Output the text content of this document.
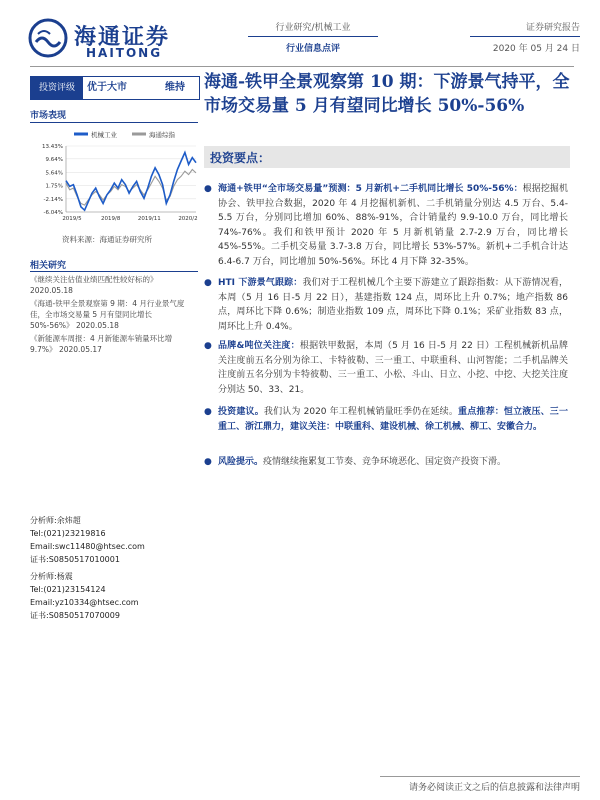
海通证券
HAITONG
行业研究/机械工业
行业信息点评
证券研究报告
2020 年 05 月 24 日
投资评级	优于大市	维持
市场表现
机械工业	海通综指
13.43%
9.64%
5.64%
1.75%
-2.14%
-6.04%
2019/5	2019/8	2019/11	2020/2
资料来源：海通证券研究所
相关研究
《继续关注估值业绩匹配性较好标的》
2020.05.18
《海通-铁甲全景观察第 9 期：4 月行业景气度佳，全市场交易量 5 月有望同比增长 50%-56%》 2020.05.18
《新能源车周报：4 月新能源车销量环比增 9.7%》 2020.05.17
分析师:余炜超
Tel:(021)23219816
Email:swc11480@htsec.com
证书:S0850517010001
分析师:杨震
Tel:(021)23154124
Email:yz10334@htsec.com
证书:S0850517070009
海通-铁甲全景观察第 10 期：下游景气持平，全市场交易量 5 月有望同比增长 50%-56%
投资要点：
● 海通+铁甲“全市场交易量”预测：5 月新机+二手机同比增长 50%-56%：根据挖掘机协会、铁甲拉合数据，2020 年 4 月挖掘机新机、二手机销量分别达 4.5 万台、5.4-5.5 万台，分别同比增加 60%、88%-91%，合计销量约 9.9-10.0 万台，同比增长 74%-76%。我们和铁甲预计 2020 年 5 月新机销量 2.7-2.9 万台，同比增长 45%-55%。二手机交易量 3.7-3.8 万台，同比增长 53%-57%。新机+二手机合计达 6.4-6.7 万台，同比增加 50%-56%。环比 4 月下降 32-35%。
● HTI 下游景气跟踪：我们对于工程机械几个主要下游建立了跟踪指数：从下游情况看，本周（5 月 16 日-5 月 22 日），基建指数 124 点，周环比上升 0.7%；地产指数 86 点，周环比下降 0.6%；制造业指数 109 点，周环比下降 0.1%；采矿业指数 83 点，周环比上升 0.4%。
● 品牌&吨位关注度：根据铁甲数据，本周（5 月 16 日-5 月 22 日）工程机械新机品牌关注度前五名分别为徐工、卡特彼勒、三一重工、中联重科、山河智能；二手机品牌关注度前五名分别为卡特彼勒、三一重工、小松、斗山、日立、小挖、中挖、大挖关注度分别达 50、33、21。
● 投资建议。我们认为 2020 年工程机械销量旺季仍在延续。重点推荐：恒立液压、三一重工、浙江鼎力，建议关注：中联重科、建设机械、徐工机械、柳工、安徽合力。
● 风险提示。疫情继续拖累复工节奏、竞争环境恶化、国定资产投资下滑。
请务必阅读正文之后的信息披露和法律声明
